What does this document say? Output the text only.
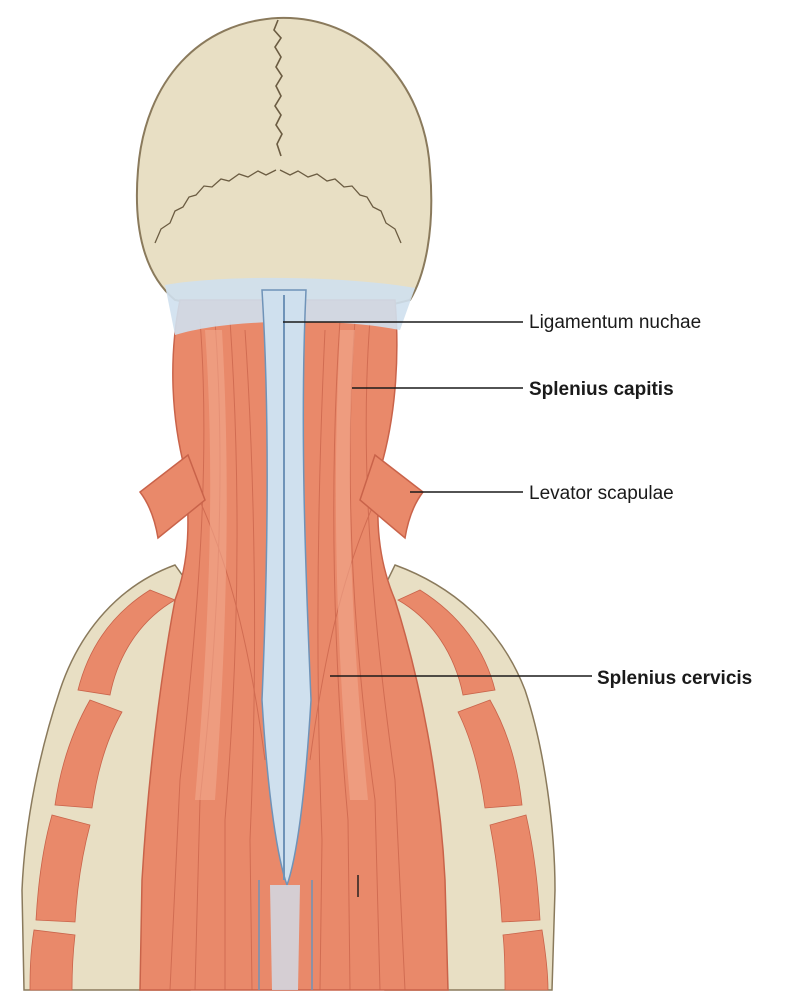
Ligamentum nuchae
Splenius capitis
Levator scapulae
Splenius cervicis
